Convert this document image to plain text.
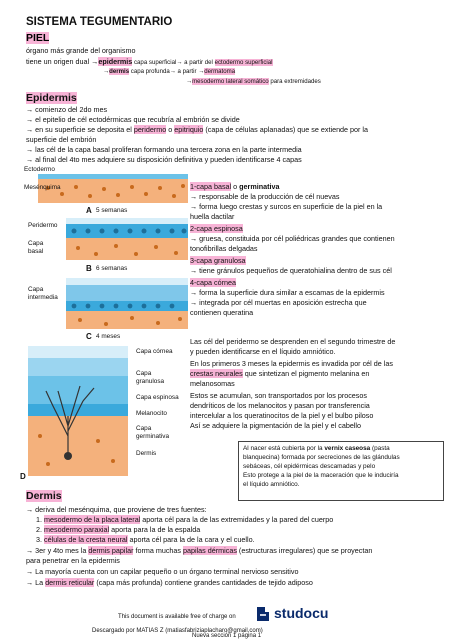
SISTEMA TEGUMENTARIO
PIEL
órgano más grande del organismo
tiene un origen dual →epidermis capa superficial→ a partir del ectodermo superficial
→dermis capa profunda→ a partir →dermatoma
→mesodermo lateral somático para extremidades
Epidermis
→ comienzo del 2do mes
→ el epitelio de cél ectodérmicas que recubría al embrión se divide
→ en su superficie se deposita el peridermo o epitriquio (capa de células aplanadas) que se extiende por la
superficie del embrión
→ las cél de la capa basal proliferan formando una tercera zona en la parte intermedia
→ al final del 4to mes adquiere su disposición definitiva y pueden identificarse 4 capas
Ectodermo
Mesénquima
A 5 semanas
Peridermo
Capa basal
B 6 semanas
Capa intermedia
C 4 meses
Capa córnea
Capa granulosa
Capa espinosa
Melanocito
Capa germinativa
Dermis
D
1-capa basal o germinativa
→ responsable de la producción de cél nuevas
→ forma luego crestas y surcos en superficie de la piel en la
huella dactilar
2-capa espinosa
→ gruesa, constituida por cél poliédricas grandes que contienen
tonofibrillas delgadas
3-capa granulosa
→ tiene gránulos pequeños de queratohialina dentro de sus cél
4-capa córnea
→ forma la superficie dura similar a escamas de la epidermis
→ integrada por cél muertas en aposición estrecha que
contienen queratina
Las cél del peridermo se desprenden en el segundo trimestre de
y pueden identificarse en el líquido amniótico.
En los primeros 3 meses la epidermis es invadida por cél de las
crestas neurales que sintetizan el pigmento melanina en
melanosomas
Estos se acumulan, son transportados por los procesos
dendríticos de los melanocitos y pasan por transferencia
intercelular a los queratinocitos de la piel y el bulbo piloso
Así se adquiere la pigmentación de la piel y el cabello
Al nacer está cubierta por la vernix caseosa (pasta
blanquecina) formada por secreciones de las glándulas
sebáceas, cél epidérmicas descamadas y pelo
Esto protege a la piel de la maceración que le induciría
el líquido amniótico.
Dermis
→ deriva del mesénquima, que proviene de tres fuentes:
1. mesodermo de la placa lateral aporta cél para la de las extremidades y la pared del cuerpo
2. mesodermo paraxial aporta para la de la espalda
3. células de la cresta neural aporta cél para la de la cara y el cuello.
→ 3er y 4to mes la dermis papilar forma muchas papilas dérmicas (estructuras irregulares) que se proyectan
para penetrar en la epidermis
→ La mayoría cuenta con un capilar pequeño o un órgano terminal nervioso sensitivo
→ La dermis reticular (capa más profunda) contiene grandes cantidades de tejido adiposo
This document is available free of charge on	studocu
Descargado por MATIAS Z (matiasfabriziaplacharo@gmail.com)
Nueva sección 1 página 1
